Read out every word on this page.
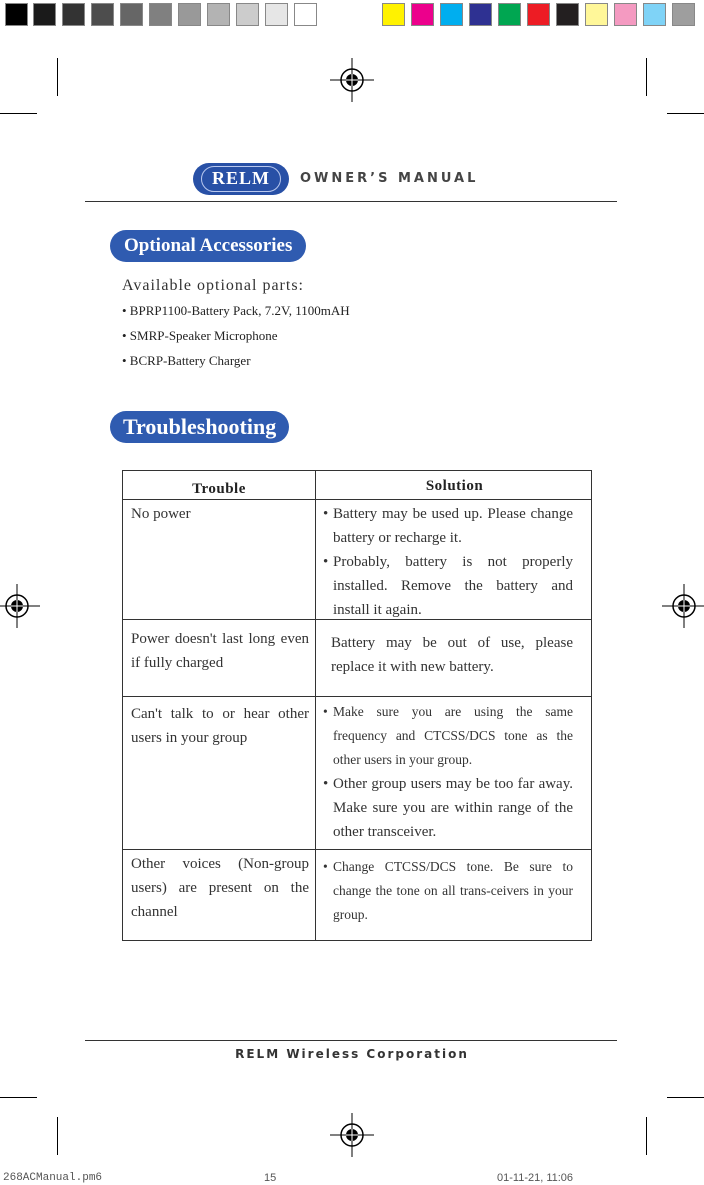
RELM	OWNER’S MANUAL
Optional Accessories
Available optional parts:
• BPRP1100-Battery Pack, 7.2V, 1100mAH
• SMRP-Speaker Microphone
• BCRP-Battery Charger
Troubleshooting
Trouble	Solution
No power
•	Battery may be used up. Please change battery or recharge it.
• Probably, battery is not properly installed. Remove the battery and install it again.
Power doesn't last long even if fully charged
Battery may be out of use, please replace it with new battery.
Can't talk to or hear other users in your group
• Make sure you are using the same frequency and CTCSS/DCS tone as the other users in your group.
• Other group users may be too far away. Make sure you are within range of the other transceiver.
Other voices (Non-group users) are present on the channel
• Change CTCSS/DCS tone. Be sure to change the tone on all trans-ceivers in your group.
RELM Wireless Corporation
268ACManual.pm6	15	01-11-21, 11:06
